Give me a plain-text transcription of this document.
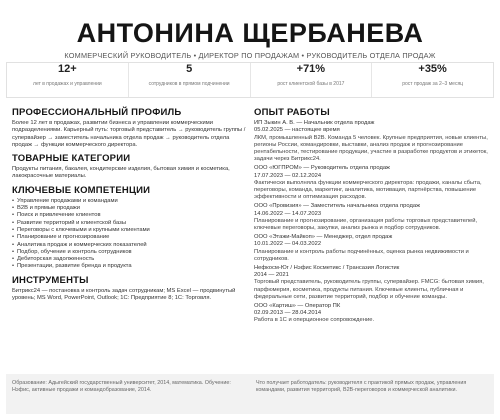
АНТОНИНА ЩЕРБАНЕВА
КОММЕРЧЕСКИЙ РУКОВОДИТЕЛЬ • ДИРЕКТОР ПО ПРОДАЖАМ • РУКОВОДИТЕЛЬ ОТДЕЛА ПРОДАЖ
12+
лет в продажах и управлении
5
сотрудников в прямом подчинении
+71%
рост клиентской базы в 2017
+35%
рост продаж за 2–3 месяц
ПРОФЕССИОНАЛЬНЫЙ ПРОФИЛЬ
Более 12 лет в продажах, развитии бизнеса и управлении коммерческими подразделениями. Карьерный путь: торговый представитель → руководитель группы / супервайзер → заместитель начальника отдела продаж → руководитель отдела продаж → функции коммерческого директора.
ТОВАРНЫЕ КАТЕГОРИИ
Продукты питания, бакалея, кондитерские изделия, бытовая химия и косметика, лакокрасочные материалы.
КЛЮЧЕВЫЕ КОМПЕТЕНЦИИ
• Управление продажами и командами
• B2B и прямые продажи
• Поиск и привлечение клиентов
• Развитие территорий и клиентской базы
• Переговоры с ключевыми и крупными клиентами
• Планирование и прогнозирование
• Аналитика продаж и коммерческих показателей
• Подбор, обучение и контроль сотрудников
• Дебиторская задолженность
• Презентации, развитие бренда и продукта
ИНСТРУМЕНТЫ
Битрикс24 — постановка и контроль задач сотрудникам; MS Excel — продвинутый уровень; MS Word, PowerPoint, Outlook; 1С: Предприятие 8; 1С: Торговля.
ОПЫТ РАБОТЫ
ИП Зыкин А. В. — Начальник отдела продаж
05.02.2025 — настоящее время
ЛКМ, промышленный B2B. Команда 5 человек. Крупные предприятия, новые клиенты, регионы России, командировки, выставки, анализ продаж и прогнозирование рентабельности, тестирование продукции, участие в разработке продуктов и этикеток, задачи через Битрикс24.
ООО «ЮГПРОМ» — Руководитель отдела продаж
17.07.2023 — 02.12.2024
Фактически выполняла функции коммерческого директора: продажи, каналы сбыта, переговоры, команда, маркетинг, аналитика, мотивация, партнёрства, повышение эффективности и оптимизация расходов.
ООО «Провизия» — Заместитель начальника отдела продаж
14.06.2022 — 14.07.2023
Планирование и прогнозирование, организация работы торговых представителей, ключевые переговоры, закупки, анализ рынка и подбор сотрудников.
ООО «Этажи-Майкоп» — Менеджер, отдел продаж
10.01.2022 — 04.03.2022
Планирование и контроль работы подчинённых, оценка рынка недвижимости и сотрудников.
Нефкосм-Юг / Нэфис Косметикс / Трансазия Логистик
2014 — 2021
Торговый представитель, руководитель группы, супервайзер. FMCG: бытовая химия, парфюмерия, косметика, продукты питания. Ключевые клиенты, публичная и федеральные сети, развитие территорий, подбор и обучение команды.
ООО «Картиш» — Оператор ПК
02.09.2013 — 28.04.2014
Работа в 1С и оперционное сопровождение.
Образование: Адыгейский государственный университет, 2014, математика. Обучение: Нэфис, активные продажи и командобразование, 2014.
Что получает работодатель: руководителя с практикой прямых продаж, управления командами, развития территорий, B2B-переговоров и коммерческой аналитики.
